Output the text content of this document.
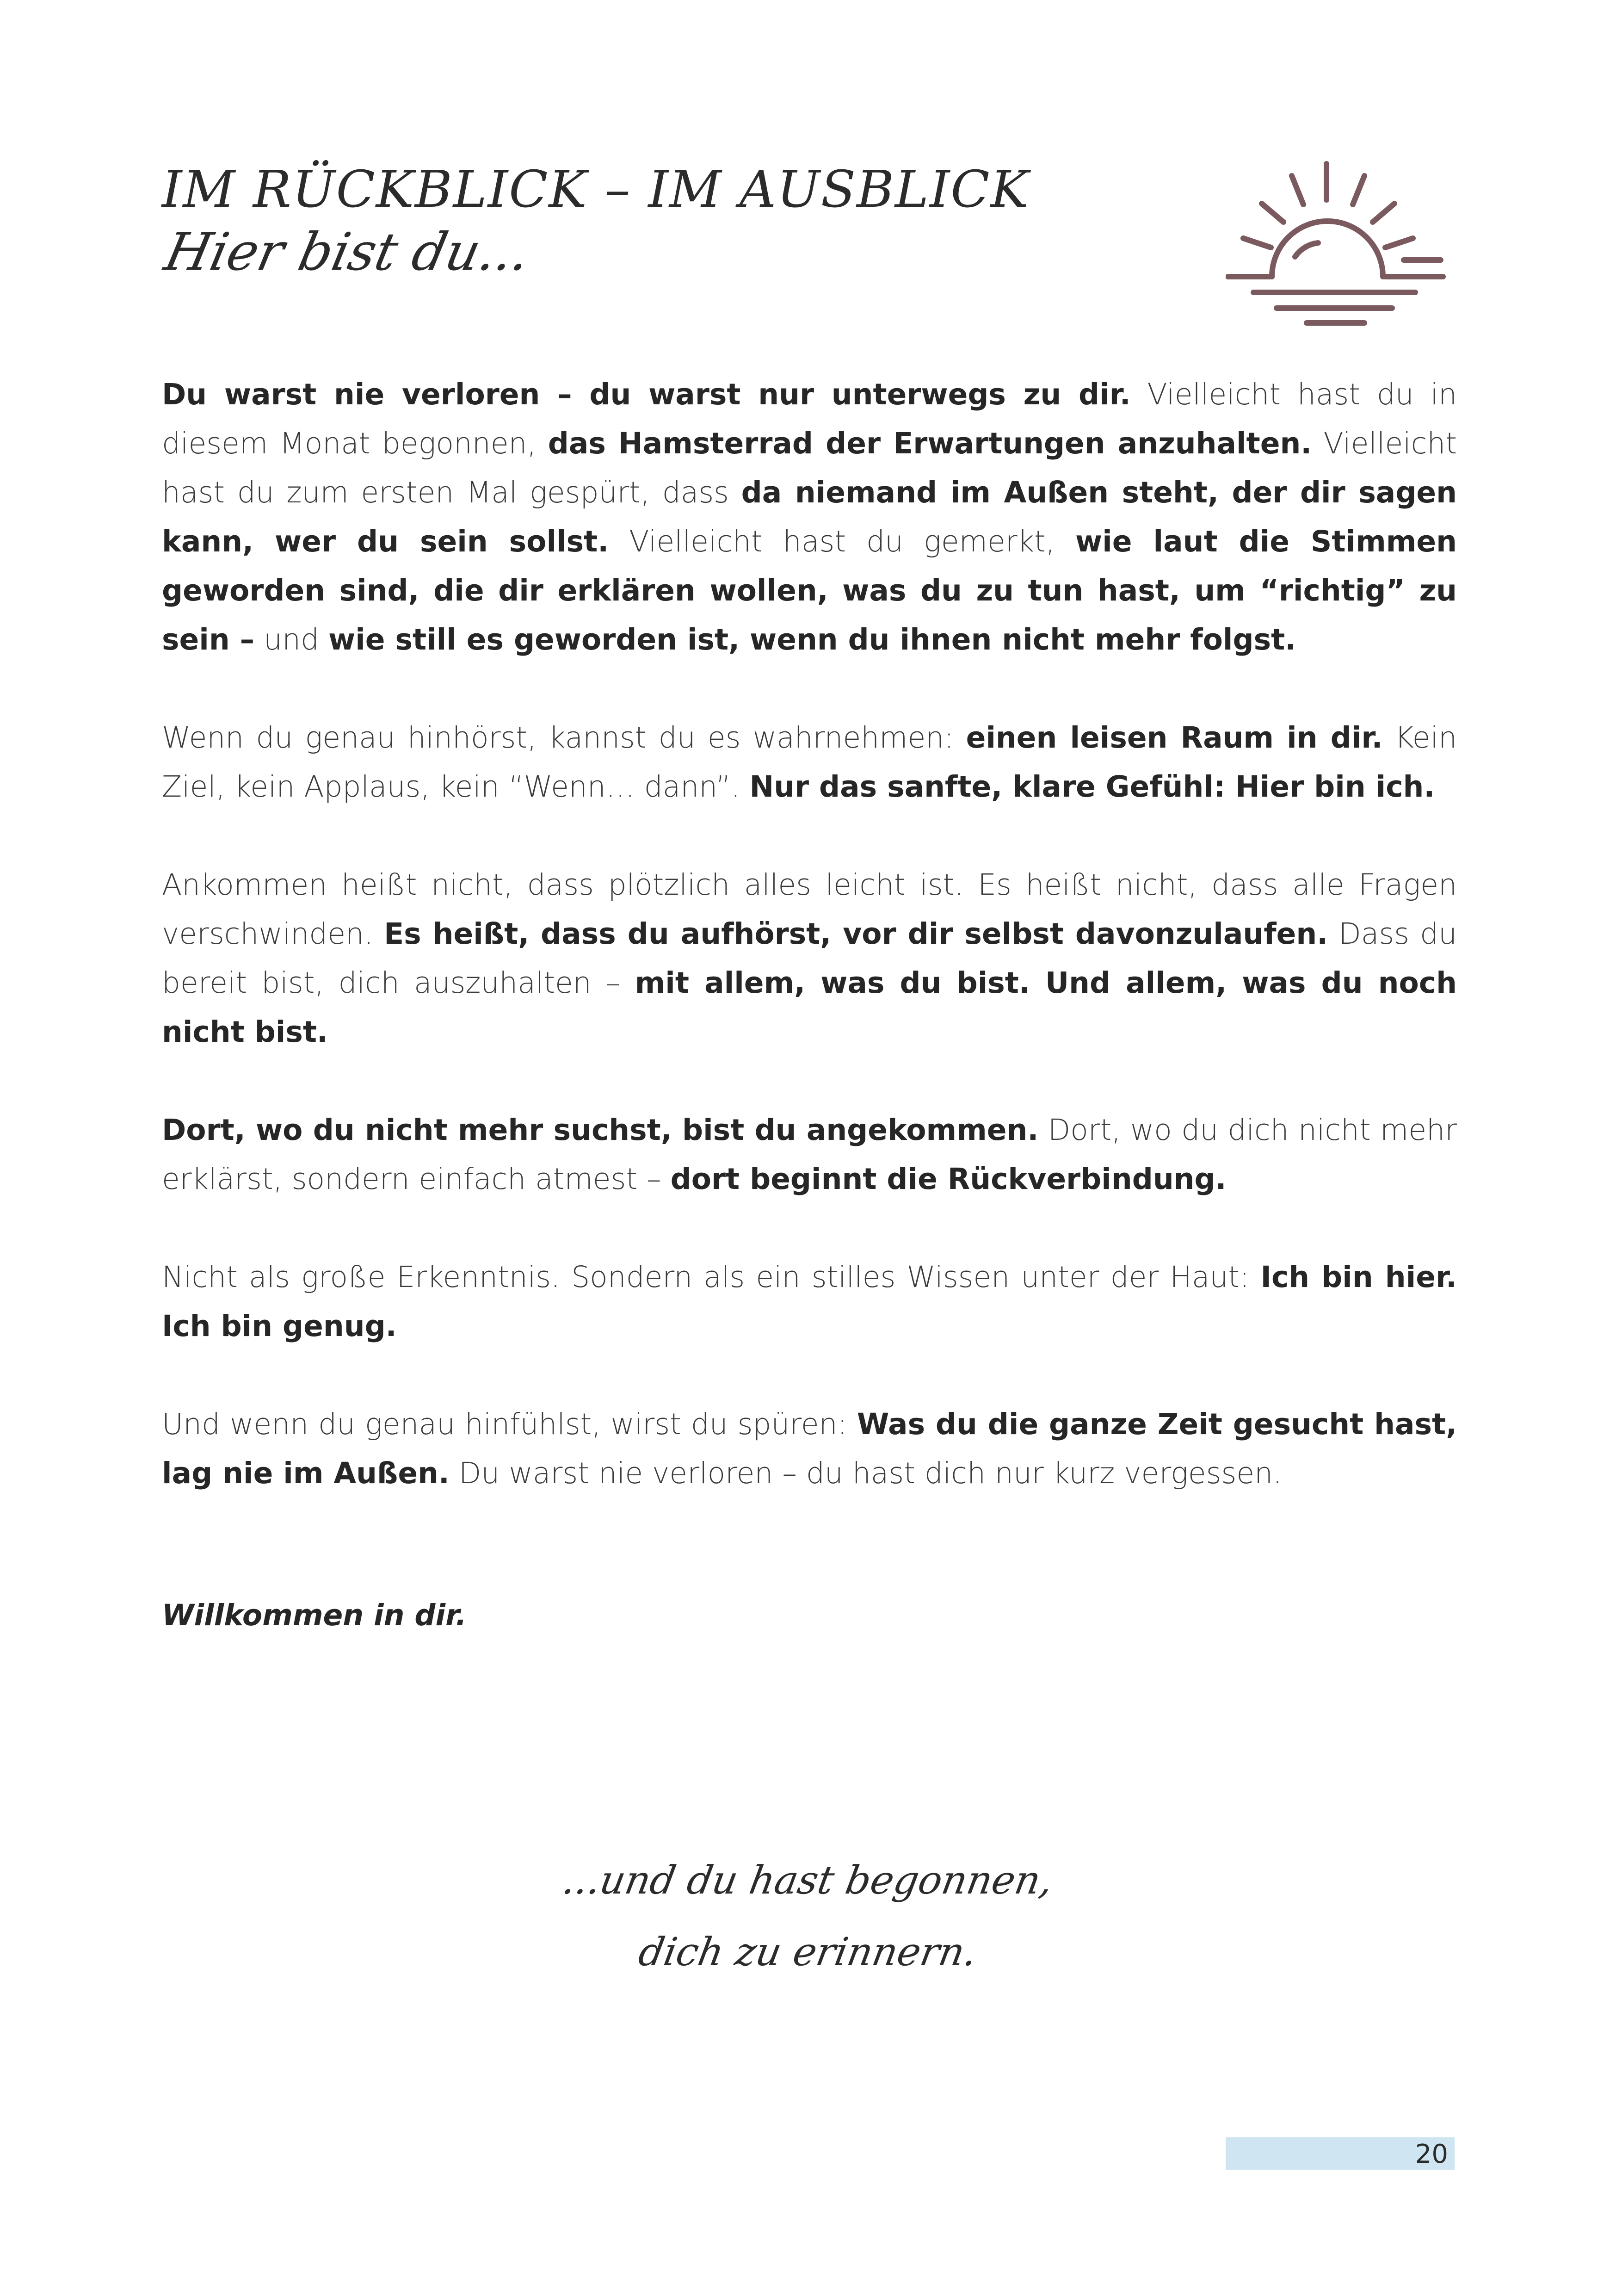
IM RÜCKBLICK – IM AUSBLICK
Hier bist du...

Du warst nie verloren – du warst nur unterwegs zu dir. Vielleicht hast du in diesem Monat begonnen, das Hamsterrad der Erwartungen anzuhalten. Vielleicht hast du zum ersten Mal gespürt, dass da niemand im Außen steht, der dir sagen kann, wer du sein sollst. Vielleicht hast du gemerkt, wie laut die Stimmen geworden sind, die dir erklären wollen, was du zu tun hast, um “richtig” zu sein – und wie still es geworden ist, wenn du ihnen nicht mehr folgst.

Wenn du genau hinhörst, kannst du es wahrnehmen: einen leisen Raum in dir. Kein Ziel, kein Applaus, kein “Wenn… dann”. Nur das sanfte, klare Gefühl: Hier bin ich.

Ankommen heißt nicht, dass plötzlich alles leicht ist. Es heißt nicht, dass alle Fragen verschwinden. Es heißt, dass du aufhörst, vor dir selbst davonzulaufen. Dass du bereit bist, dich auszuhalten – mit allem, was du bist. Und allem, was du noch nicht bist.

Dort, wo du nicht mehr suchst, bist du angekommen. Dort, wo du dich nicht mehr erklärst, sondern einfach atmest – dort beginnt die Rückverbindung.

Nicht als große Erkenntnis. Sondern als ein stilles Wissen unter der Haut: Ich bin hier. Ich bin genug.

Und wenn du genau hinfühlst, wirst du spüren: Was du die ganze Zeit gesucht hast, lag nie im Außen. Du warst nie verloren – du hast dich nur kurz vergessen.

Willkommen in dir.

...und du hast begonnen,

dich zu erinnern.

20
